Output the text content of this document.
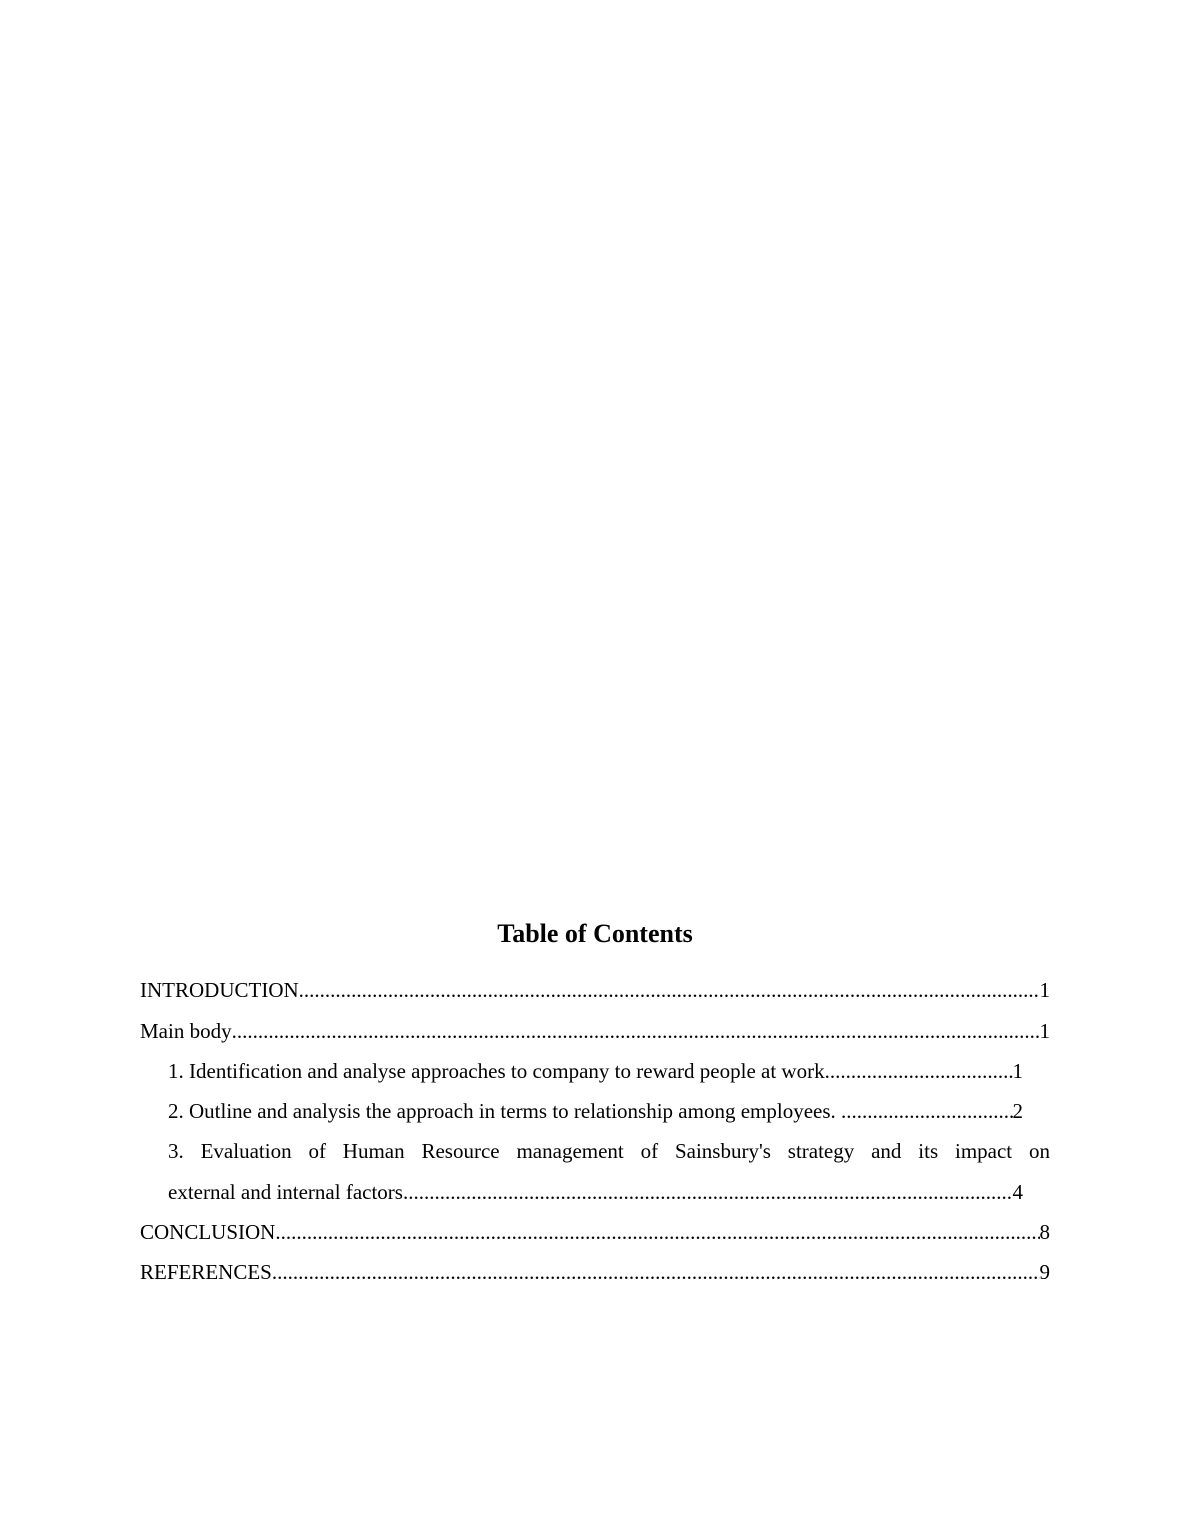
Table of Contents
INTRODUCTION .....	1
Main body .....	1
1. Identification and analyse approaches to company to reward people at work .....	1
2. Outline and analysis the approach in terms to relationship among employees. .....	2
3. Evaluation of Human Resource management of Sainsbury's strategy and its impact on
external and internal factors .....	4
CONCLUSION .....	8
REFERENCES .....	9
